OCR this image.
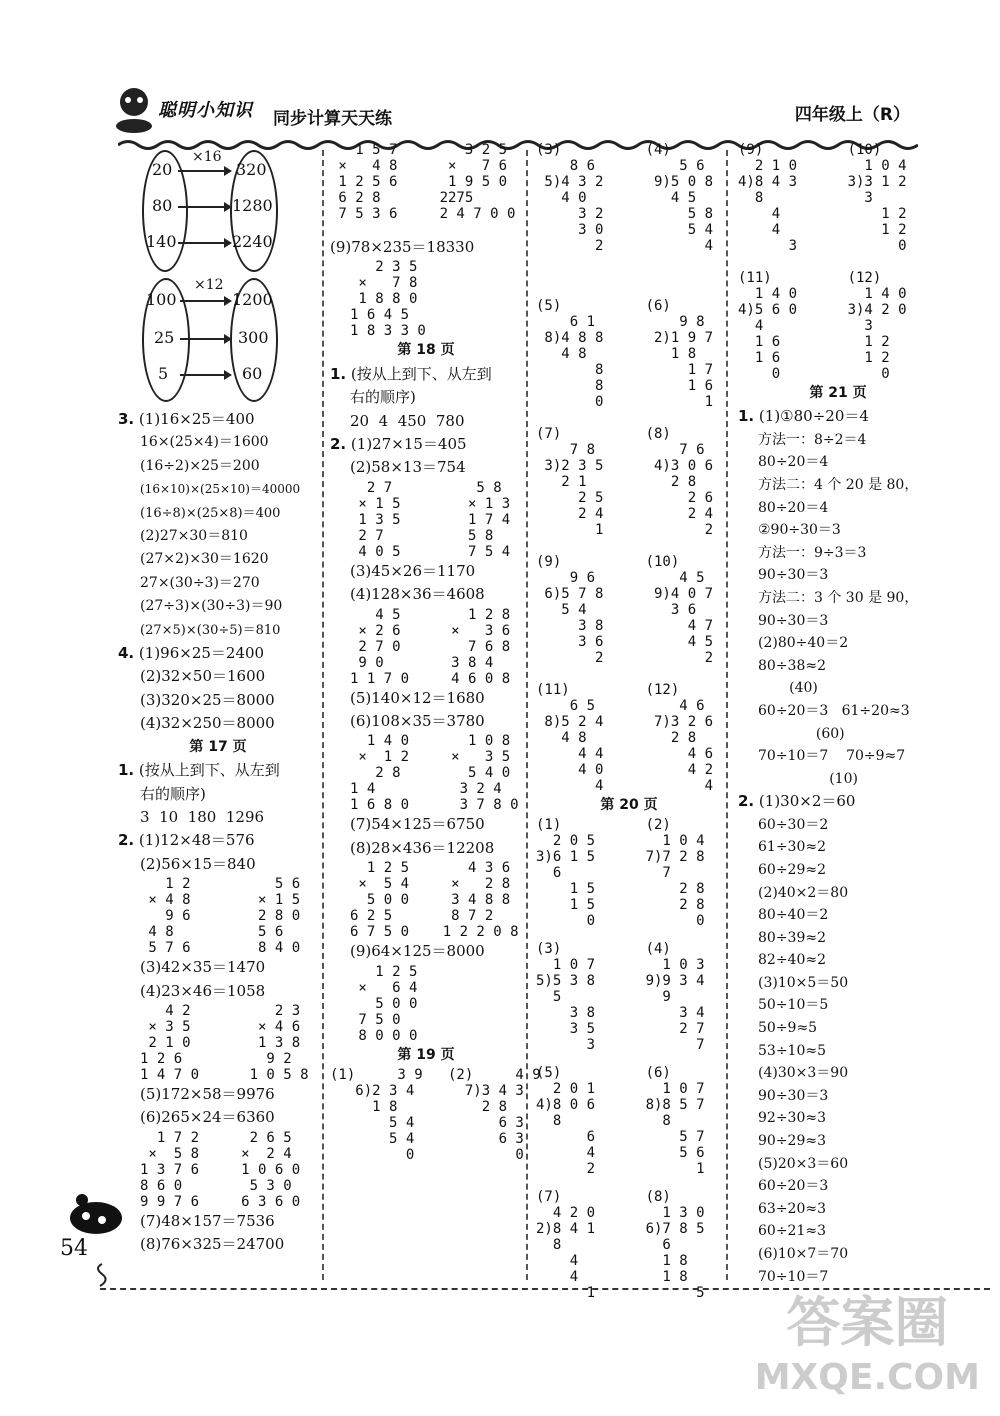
聪明小知识 同步计算天天练	四年级上（R）
20
80
140
320
1280
2240
×16
100
25
5
1200
300
60
×12
3. (1)16×25＝400
16×(25×4)＝1600
(16÷2)×25＝200
(16×10)×(25×10)＝40000
(16÷8)×(25×8)＝400
(2)27×30＝810
(27×2)×30＝1620
27×(30÷3)＝270
(27÷3)×(30÷3)＝90
(27×5)×(30÷5)＝810
4. (1)96×25＝2400
(2)32×50＝1600
(3)320×25＝8000
(4)32×250＝8000
第 17 页
1. (按从上到下、从左到
右的顺序)
3  10  180  1296
2. (1)12×48＝576
(2)56×15＝840
1 2          5 6
× 4 8        × 1 5
9 6        2 8 0
4 8          5 6
5 7 6        8 4 0
(3)42×35＝1470
(4)23×46＝1058
4 2          2 3
× 3 5        × 4 6
2 1 0        1 3 8
1 2 6          9 2
1 4 7 0      1 0 5 8
(5)172×58＝9976
(6)265×24＝6360
1 7 2      2 6 5
×  5 8     ×  2 4
1 3 7 6     1 0 6 0
8 6 0        5 3 0
9 9 7 6     6 3 6 0
(7)48×157＝7536
(8)76×325＝24700
1 5 7        3 2 5
×   4 8      ×   7 6
1 2 5 6      1 9 5 0
6 2 8       2275
7 5 3 6     2 4 7 0 0
(9)78×235＝18330
2 3 5
×   7 8
1 8 8 0
1 6 4 5
1 8 3 3 0
第 18 页
1. (按从上到下、从左到
右的顺序)
20  4  450  780
2. (1)27×15＝405
(2)58×13＝754
2 7          5 8
× 1 5        × 1 3
1 3 5        1 7 4
2 7          5 8
4 0 5        7 5 4
(3)45×26＝1170
(4)128×36＝4608
4 5        1 2 8
× 2 6      ×   3 6
2 7 0        7 6 8
9 0        3 8 4
1 1 7 0     4 6 0 8
(5)140×12＝1680
(6)108×35＝3780
1 4 0       1 0 8
×  1 2     ×   3 5
2 8        5 4 0
1 4          3 2 4
1 6 8 0      3 7 8 0
(7)54×125＝6750
(8)28×436＝12208
1 2 5       4 3 6
×  5 4     ×   2 8
5 0 0     3 4 8 8
6 2 5       8 7 2
6 7 5 0    1 2 2 0 8
(9)64×125＝8000
1 2 5
×   6 4
5 0 0
7 5 0
8 0 0 0
第 19 页
(1)     3 9   (2)     4 9
6)2 3 4      7)3 4 3
1 8          2 8
5 4          6 3
5 4          6 3
0            0
(3)          (4)
8 6          5 6
5)4 3 2      9)5 0 8
4 0          4 5
3 2          5 8
3 0          5 4
2            4
(5)          (6)
6 1          9 8
8)4 8 8      2)1 9 7
4 8          1 8
8          1 7
8          1 6
0            1
(7)          (8)
7 8          7 6
3)2 3 5      4)3 0 6
2 1          2 8
2 5          2 6
2 4          2 4
1            2
(9)          (10)
9 6          4 5
6)5 7 8      9)4 0 7
5 4          3 6
3 8          4 7
3 6          4 5
2            2
(11)         (12)
6 5          4 6
8)5 2 4      7)3 2 6
4 8          2 8
4 4          4 6
4 0          4 2
4            4
第 20 页
(1)          (2)
2 0 5        1 0 4
3)6 1 5      7)7 2 8
6            7
1 5          2 8
1 5          2 8
0            0
(3)          (4)
1 0 7        1 0 3
5)5 3 8      9)9 3 4
5            9
3 8          3 4
3 5          2 7
3            7
(5)          (6)
2 0 1        1 0 7
4)8 0 6      8)8 5 7
8            8
6          5 7
4          5 6
2            1
(7)          (8)
4 2 0        1 3 0
2)8 4 1      6)7 8 5
8            6
4          1 8
4          1 8
1            5
(9)          (10)
2 1 0        1 0 4
4)8 4 3      3)3 1 2
8            3
4            1 2
4            1 2
3            0
(11)         (12)
1 4 0        1 4 0
4)5 6 0      3)4 2 0
4            3
1 6          1 2
1 6          1 2
0            0
第 21 页
1. (1)①80÷20＝4
方法一：8÷2＝4
80÷20＝4
方法二：4 个 20 是 80，
80÷20＝4
②90÷30＝3
方法一：9÷3＝3
90÷30＝3
方法二：3 个 30 是 90，
90÷30＝3
(2)80÷40＝2
80÷38≈2
(40)
60÷20＝3   61÷20≈3
(60)
70÷10＝7    70÷9≈7
(10)
2. (1)30×2＝60
60÷30＝2
61÷30≈2
60÷29≈2
(2)40×2＝80
80÷40＝2
80÷39≈2
82÷40≈2
(3)10×5＝50
50÷10＝5
50÷9≈5
53÷10≈5
(4)30×3＝90
90÷30＝3
92÷30≈3
90÷29≈3
(5)20×3＝60
60÷20＝3
63÷20≈3
60÷21≈3
(6)10×7＝70
70÷10＝7
54
答案圈
MXQE.COM
